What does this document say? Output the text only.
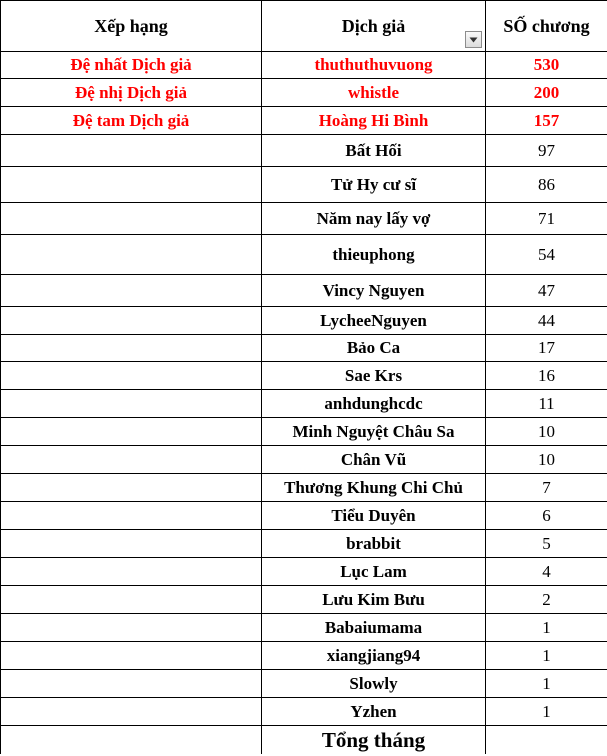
Xếp hạng	Dịch giả	SỐ chương
Đệ nhất Dịch giả	thuthuthuvuong	530
Đệ nhị Dịch giả	whistle	200
Đệ tam Dịch giả	Hoàng Hi Bình	157
	Bất Hối	97
	Tử Hy cư sĩ	86
	Năm nay lấy vợ	71
	thieuphong	54
	Vincy Nguyen	47
	LycheeNguyen	44
	Bảo Ca	17
	Sae Krs	16
	anhdunghcdc	11
	Minh Nguyệt Châu Sa	10
	Chân Vũ	10
	Thương Khung Chi Chủ	7
	Tiểu Duyên	6
	brabbit	5
	Lục Lam	4
	Lưu Kim Bưu	2
	Babaiumama	1
	xiangjiang94	1
	Slowly	1
	Yzhen	1
	Tổng tháng	
